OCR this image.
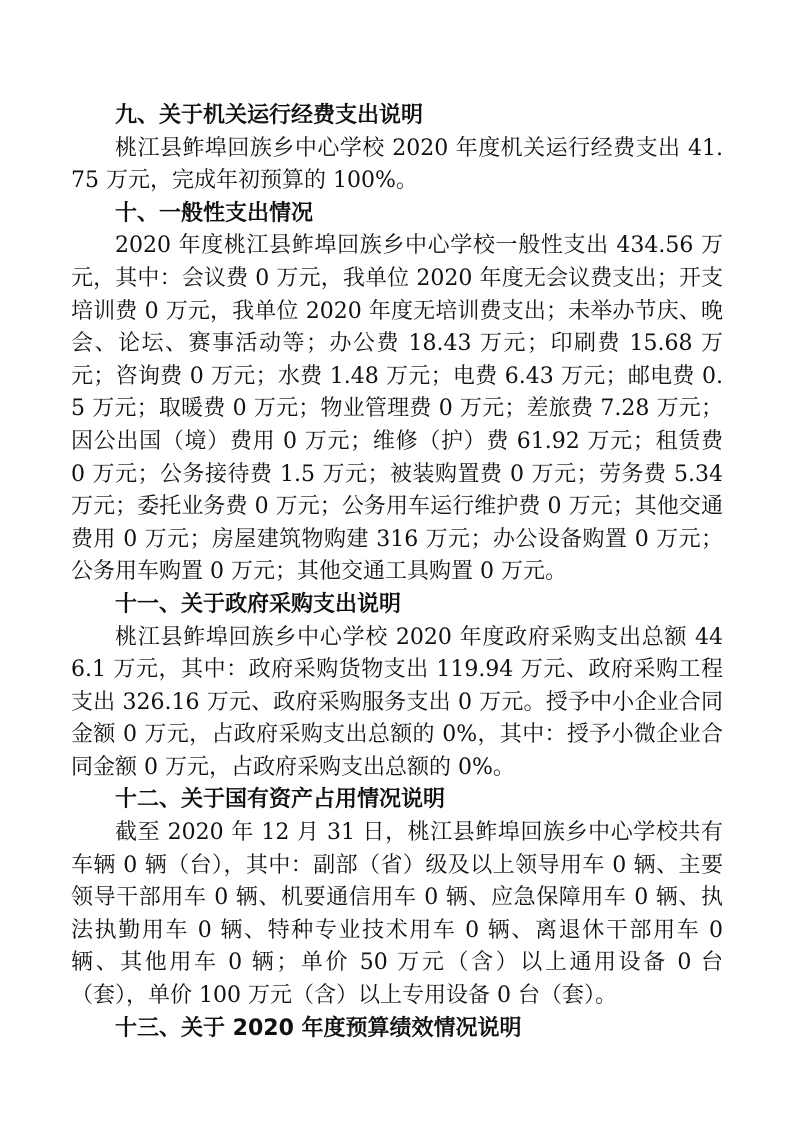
九、关于机关运行经费支出说明

桃江县鲊埠回族乡中心学校 2020 年度机关运行经费支出 41.75 万元，完成年初预算的 100%。

十、一般性支出情况

2020 年度桃江县鲊埠回族乡中心学校一般性支出 434.56 万元，其中：会议费 0 万元，我单位 2020 年度无会议费支出；开支培训费 0 万元，我单位 2020 年度无培训费支出；未举办节庆、晚会、论坛、赛事活动等；办公费 18.43 万元；印刷费 15.68 万元；咨询费 0 万元；水费 1.48 万元；电费 6.43 万元；邮电费 0.5 万元；取暖费 0 万元；物业管理费 0 万元；差旅费 7.28 万元；因公出国（境）费用 0 万元；维修（护）费 61.92 万元；租赁费 0 万元；公务接待费 1.5 万元；被装购置费 0 万元；劳务费 5.34 万元；委托业务费 0 万元；公务用车运行维护费 0 万元；其他交通费用 0 万元；房屋建筑物购建 316 万元；办公设备购置 0 万元；公务用车购置 0 万元；其他交通工具购置 0 万元。

十一、关于政府采购支出说明

桃江县鲊埠回族乡中心学校 2020 年度政府采购支出总额 446.1 万元，其中：政府采购货物支出 119.94 万元、政府采购工程支出 326.16 万元、政府采购服务支出 0 万元。授予中小企业合同金额 0 万元，占政府采购支出总额的 0%，其中：授予小微企业合同金额 0 万元，占政府采购支出总额的 0%。

十二、关于国有资产占用情况说明

截至 2020 年 12 月 31 日，桃江县鲊埠回族乡中心学校共有车辆 0 辆（台），其中：副部（省）级及以上领导用车 0 辆、主要领导干部用车 0 辆、机要通信用车 0 辆、应急保障用车 0 辆、执法执勤用车 0 辆、特种专业技术用车 0 辆、离退休干部用车 0 辆、其他用车 0 辆；单价 50 万元（含）以上通用设备 0 台（套），单价 100 万元（含）以上专用设备 0 台（套）。

十三、关于 2020 年度预算绩效情况说明
